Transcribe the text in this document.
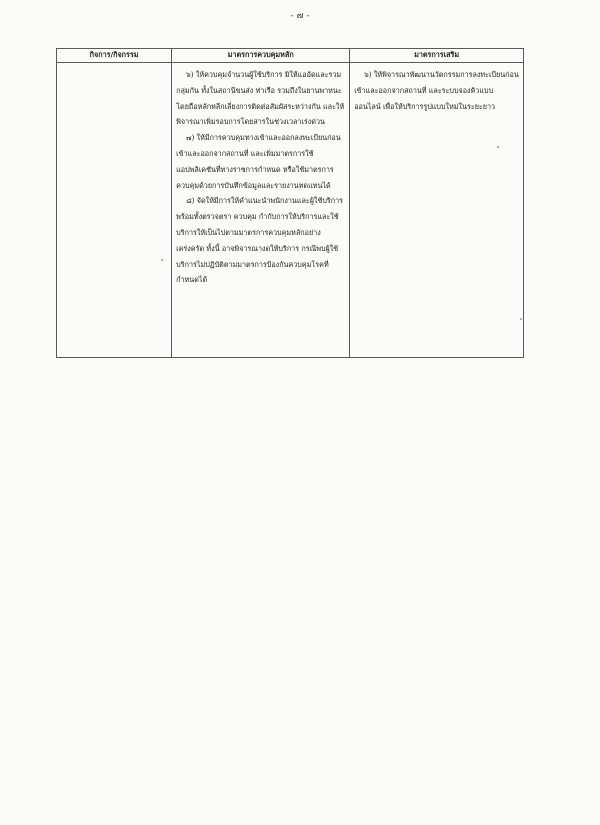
- ๗ -
กิจการ/กิจกรรม	มาตรการควบคุมหลัก	มาตรการเสริม

	๖) ให้ควบคุมจำนวนผู้ใช้บริการ มิให้แออัดและรวมกลุ่มกัน ทั้งในสถานีขนส่ง ท่าเรือ รวมถึงในยานพาหนะ โดยถือหลักหลีกเลี่ยงการติดต่อสัมผัสระหว่างกัน และให้พิจารณาเพิ่มรอบการโดยสารในช่วงเวลาเร่งด่วน
๗) ให้มีการควบคุมทางเข้าและออกลงทะเบียนก่อนเข้าและออกจากสถานที่ และเพิ่มมาตรการใช้แอปพลิเคชันที่ทางราชการกำหนด หรือใช้มาตรการควบคุมด้วยการบันทึกข้อมูลและรายงานทดแทนได้
๘) จัดให้มีการให้คำแนะนำพนักงานและผู้ใช้บริการ พร้อมทั้งตรวจตรา ควบคุม กำกับการให้บริการและใช้บริการให้เป็นไปตามมาตรการควบคุมหลักอย่างเคร่งครัด ทั้งนี้ อาจพิจารณางดให้บริการ กรณีพบผู้ใช้บริการไม่ปฏิบัติตามมาตรการป้องกันควบคุมโรคที่กำหนดได้	๖) ให้พิจารณาพัฒนานวัตกรรมการลงทะเบียนก่อนเข้าและออกจากสถานที่ และระบบจองคิวแบบออนไลน์ เพื่อให้บริการรูปแบบใหม่ในระยะยาว
